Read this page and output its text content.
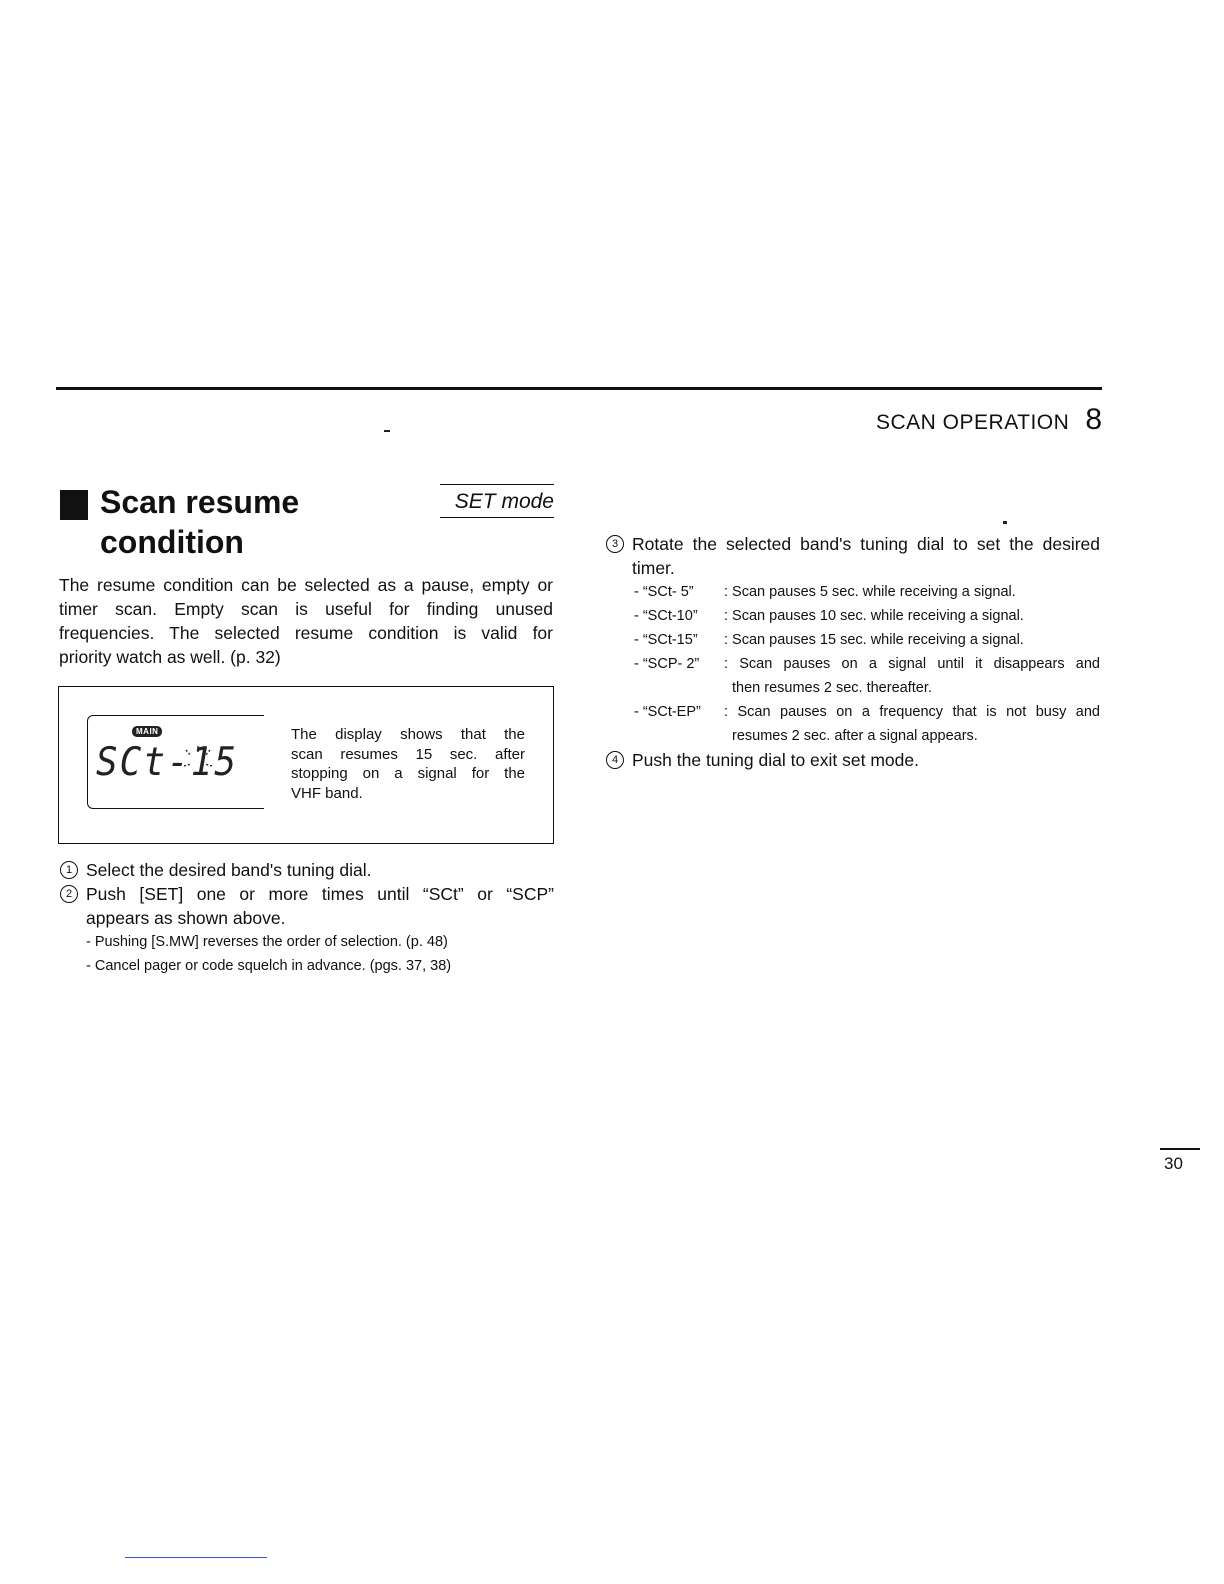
SCAN OPERATION 8
Scan resume
condition
SET mode
The resume condition can be selected as a pause, empty or
timer scan. Empty scan is useful for finding unused
frequencies. The selected resume condition is valid for
priority watch as well. (p. 32)
MAIN
SCt-15
The display shows that the
scan resumes 15 sec. after
stopping on a signal for the
VHF band.
1 Select the desired band's tuning dial.
2 Push [SET] one or more times until “SCt” or “SCP”
appears as shown above.
- Pushing [S.MW] reverses the order of selection. (p. 48)
- Cancel pager or code squelch in advance. (pgs. 37, 38)
3 Rotate the selected band's tuning dial to set the desired
timer.
- “SCt- 5”	: Scan pauses 5 sec. while receiving a signal.
- “SCt-10”	: Scan pauses 10 sec. while receiving a signal.
- “SCt-15”	: Scan pauses 15 sec. while receiving a signal.
- “SCP- 2”	: Scan pauses on a signal until it disappears and
then resumes 2 sec. thereafter.
- “SCt-EP”	: Scan pauses on a frequency that is not busy and
resumes 2 sec. after a signal appears.
4 Push the tuning dial to exit set mode.
30
